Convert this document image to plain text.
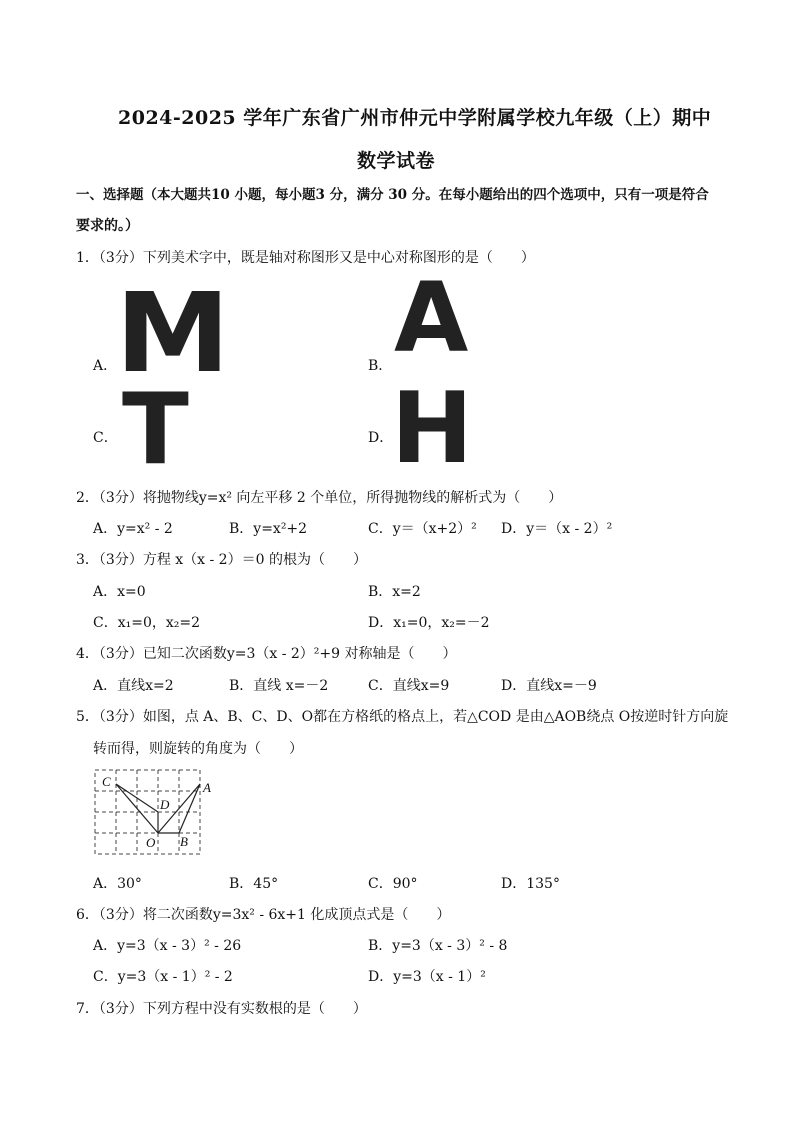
2024-2025 学年广东省广州市仲元中学附属学校九年级（上）期中
数学试卷
一、选择题（本大题共10 小题，每小题3 分，满分 30 分。在每小题给出的四个选项中，只有一项是符合
要求的。）
1．（3分）下列美术字中，既是轴对称图形又是中心对称图形的是（　　）
M
A．	A
B．
T
C．	H
D．
2．（3分）将抛物线y=x² 向左平移 2 个单位，所得抛物线的解析式为（　　）
A．y=x² - 2	B．y=x²+2	C．y＝（x+2）² D．y＝（x - 2）²
3．（3分）方程 x（x - 2）＝0 的根为（　　）
A．x=0	B．x=2
C．x₁=0，x₂=2	D．x₁=0，x₂=－2
4．（3分）已知二次函数y=3（x - 2）²+9 对称轴是（　　）
A．直线x=2	B．直线 x=－2	C．直线x=9	D．直线x=－9
5．（3分）如图，点 A、B、C、D、O都在方格纸的格点上，若△COD 是由△AOB绕点 O按逆时针方向旋
转而得，则旋转的角度为（　　）
C
D
A
O B
A．30°	B．45°	C．90°	D．135°
6．（3分）将二次函数y=3x² - 6x+1 化成顶点式是（　　）
A．y=3（x - 3）² - 26	B．y=3（x - 3）² - 8
C．y=3（x - 1）² - 2	D．y=3（x - 1）²
7．（3分）下列方程中没有实数根的是（　　）
